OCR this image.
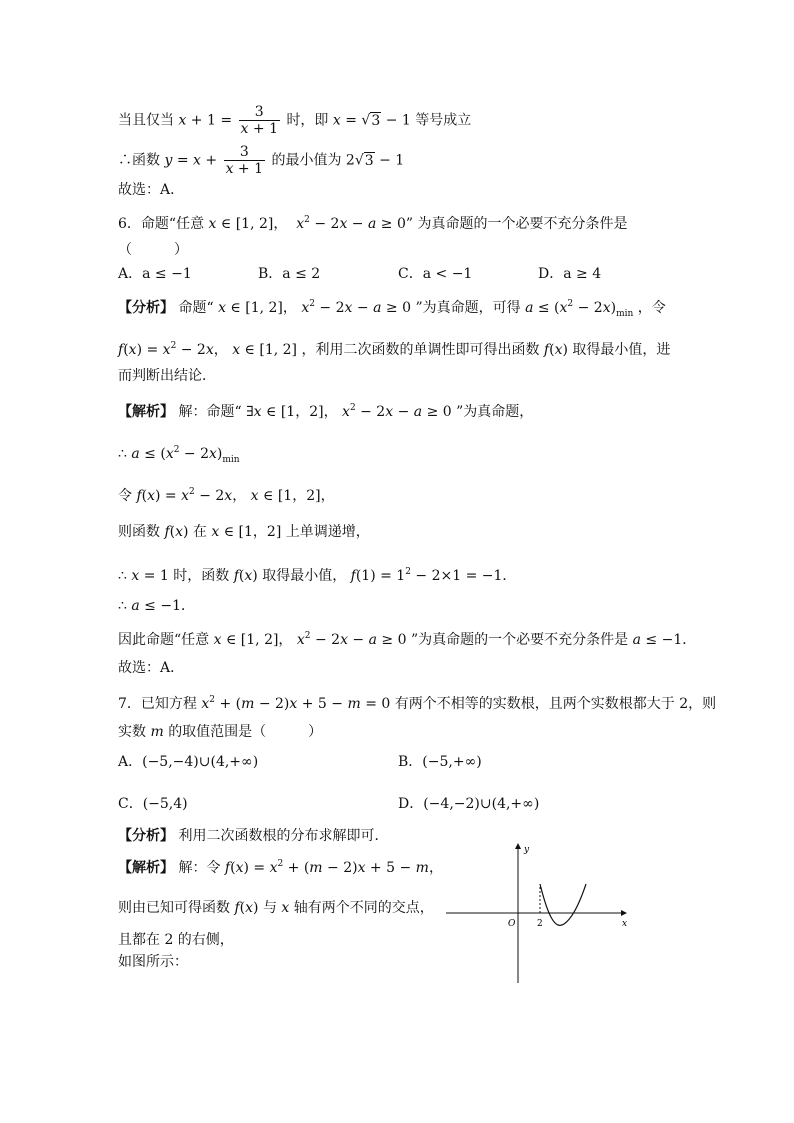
当且仅当 $x + 1 = \frac{3}{x + 1}$ 时，即 x = √3 − 1 等号成立
∴函数 $y = x + \frac{3}{x + 1}$ 的最小值为 2√3 − 1
故选：A．
6．命题“任意 x ∈ [1, 2]，  $x^2 - 2x - a \ge 0$” 为真命题的一个必要不充分条件是
（　　　）
A．a ≤ −1	B．a ≤ 2	C．a < −1	D．a ≥ 4
【分析】 命题“ x ∈ [1, 2]， $x^2 - 2x - a \ge 0$ ”为真命题，可得 $a \le (x^2 - 2x)_{min}$ ，令
$f(x) = x^2 - 2x$， x ∈ [1, 2] ，利用二次函数的单调性即可得出函数 f(x) 取得最小值，进
而判断出结论．
【解析】 解：命题“ ∃x ∈ [1，2]， $x^2 - 2x - a \ge 0$ ”为真命题，
∴ $a \le (x^2 - 2x)_{min}$
令 $f(x) = x^2 - 2x$， x ∈ [1，2]，
则函数 f(x) 在 x ∈ [1，2] 上单调递增，
∴ x = 1 时，函数 f(x) 取得最小值， $f(1) = 1^2 - 2\times 1 = -1$．
∴ a ≤ −1．
因此命题“任意 x ∈ [1, 2]， $x^2 - 2x - a \ge 0$ ”为真命题的一个必要不充分条件是 a ≤ −1．
故选：A．
7．已知方程 $x^2 + (m - 2)x + 5 - m = 0$ 有两个不相等的实数根，且两个实数根都大于 2，则
实数 m 的取值范围是（　　　）
A．(−5,−4)∪(4,+∞)	B．(−5,+∞)
C．(−5,4)	D．(−4,−2)∪(4,+∞)
【分析】 利用二次函数根的分布求解即可．
【解析】 解：令 $f(x) = x^2 + (m - 2)x + 5 - m$，
则由已知可得函数 f(x) 与 x 轴有两个不同的交点，
且都在 2 的右侧，
如图所示：
y
x
O 2
